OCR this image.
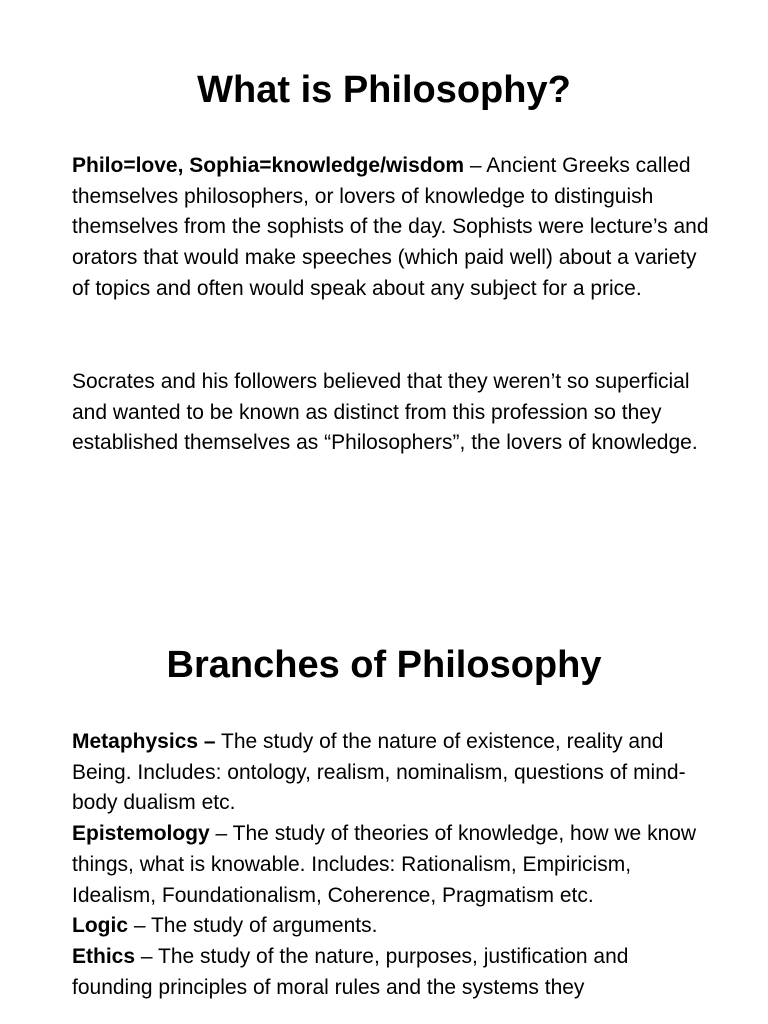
What is Philosophy?

Philo=love, Sophia=knowledge/wisdom – Ancient Greeks called themselves philosophers, or lovers of knowledge to distinguish themselves from the sophists of the day. Sophists were lecture’s and orators that would make speeches (which paid well) about a variety of topics and often would speak about any subject for a price.

Socrates and his followers believed that they weren’t so superficial and wanted to be known as distinct from this profession so they established themselves as “Philosophers”, the lovers of knowledge.

Branches of Philosophy

Metaphysics – The study of the nature of existence, reality and Being. Includes: ontology, realism, nominalism, questions of mind-body dualism etc.

Epistemology – The study of theories of knowledge, how we know things, what is knowable. Includes: Rationalism, Empiricism, Idealism, Foundationalism, Coherence, Pragmatism etc.

Logic – The study of arguments.

Ethics – The study of the nature, purposes, justification and founding principles of moral rules and the systems they
